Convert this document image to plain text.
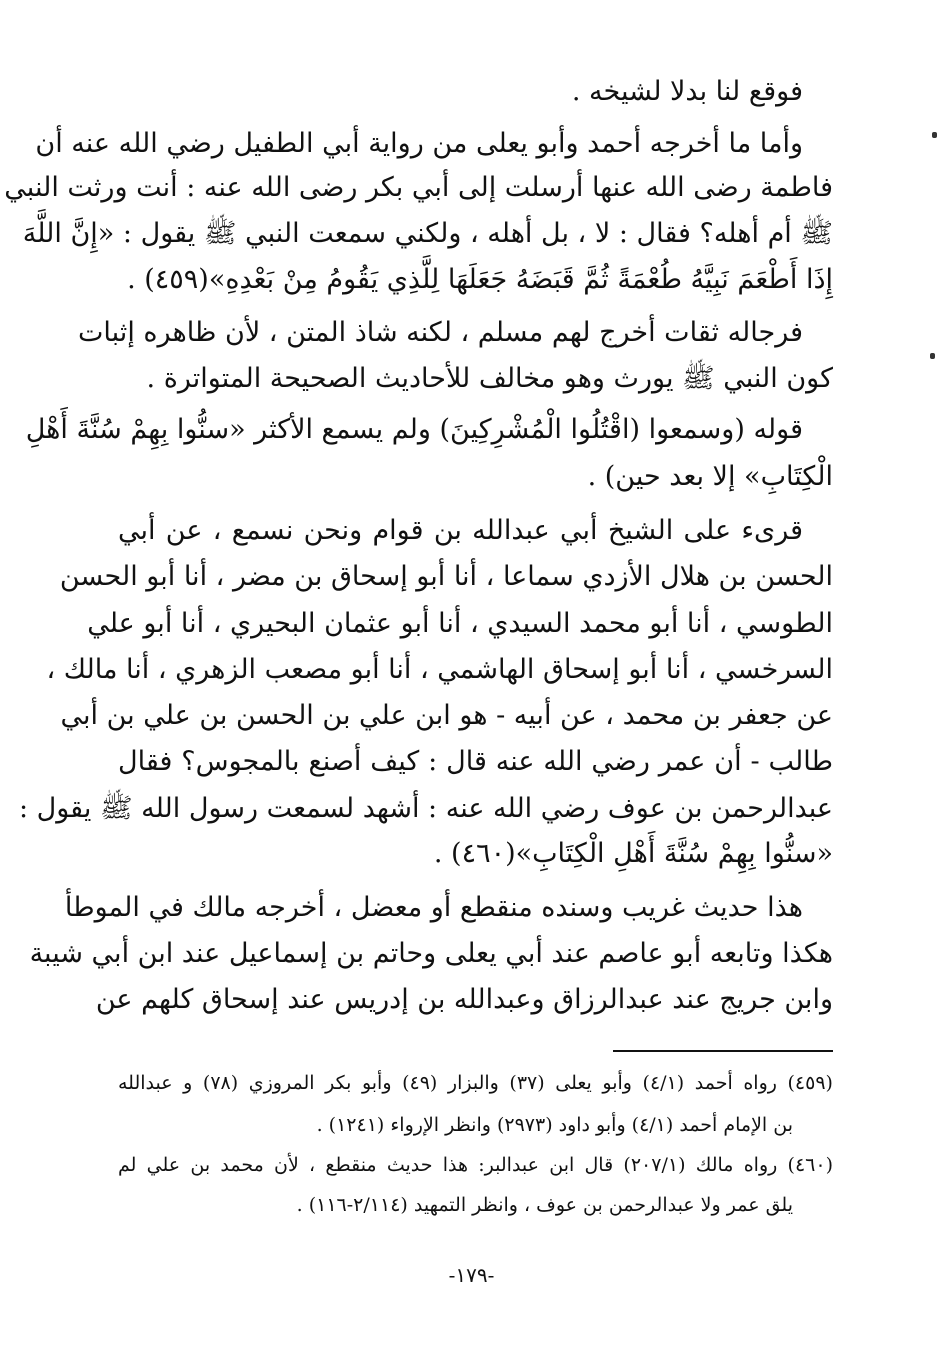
فوقع لنا بدلا لشيخه .
وأما ما أخرجه أحمد وأبو يعلى من رواية أبي الطفيل رضي الله عنه أن
فاطمة رضى الله عنها أرسلت إلى أبي بكر رضى الله عنه : أنت ورثت النبي
ﷺ أم أهله؟ فقال : لا ، بل أهله ، ولكني سمعت النبي ﷺ يقول : «إِنَّ اللَّهَ
إِذَا أَطْعَمَ نَبِيَّهُ طُعْمَةً ثُمَّ قَبَضَهُ جَعَلَهَا لِلَّذِي يَقُومُ مِنْ بَعْدِهِ»(٤٥٩) .
فرجاله ثقات أخرج لهم مسلم ، لكنه شاذ المتن ، لأن ظاهره إثبات
كون النبي ﷺ يورث وهو مخالف للأحاديث الصحيحة المتواترة .
قوله (وسمعوا (اقْتُلُوا الْمُشْرِكِينَ) ولم يسمع الأكثر «سنُّوا بِهِمْ سُنَّةَ أَهْلِ
الْكِتَابِ» إلا بعد حين) .
قرىء على الشيخ أبي عبدالله بن قوام ونحن نسمع ، عن أبي
الحسن بن هلال الأزدي سماعا ، أنا أبو إسحاق بن مضر ، أنا أبو الحسن
الطوسي ، أنا أبو محمد السيدي ، أنا أبو عثمان البحيري ، أنا أبو علي
السرخسي ، أنا أبو إسحاق الهاشمي ، أنا أبو مصعب الزهري ، أنا مالك ،
عن جعفر بن محمد ، عن أبيه - هو ابن علي بن الحسن بن علي بن أبي
طالب - أن عمر رضي الله عنه قال : كيف أصنع بالمجوس؟ فقال
عبدالرحمن بن عوف رضي الله عنه : أشهد لسمعت رسول الله ﷺ يقول :
«سنُّوا بِهِمْ سُنَّةَ أَهْلِ الْكِتَابِ»(٤٦٠) .
هذا حديث غريب وسنده منقطع أو معضل ، أخرجه مالك في الموطأ
هكذا وتابعه أبو عاصم عند أبي يعلى وحاتم بن إسماعيل عند ابن أبي شيبة
وابن جريج عند عبدالرزاق وعبدالله بن إدريس عند إسحاق كلهم عن
(٤٥٩) رواه أحمد (٤/١) وأبو يعلى (٣٧) والبزار (٤٩) وأبو بكر المروزي (٧٨) و عبدالله
بن الإمام أحمد (٤/١) وأبو داود (٢٩٧٣) وانظر الإرواء (١٢٤١) .
(٤٦٠) رواه مالك (٢٠٧/١) قال ابن عبدالبر: هذا حديث منقطع ، لأن محمد بن علي لم
يلق عمر ولا عبدالرحمن بن عوف ، وانظر التمهيد (٢/١١٤-١١٦) .
-١٧٩-
